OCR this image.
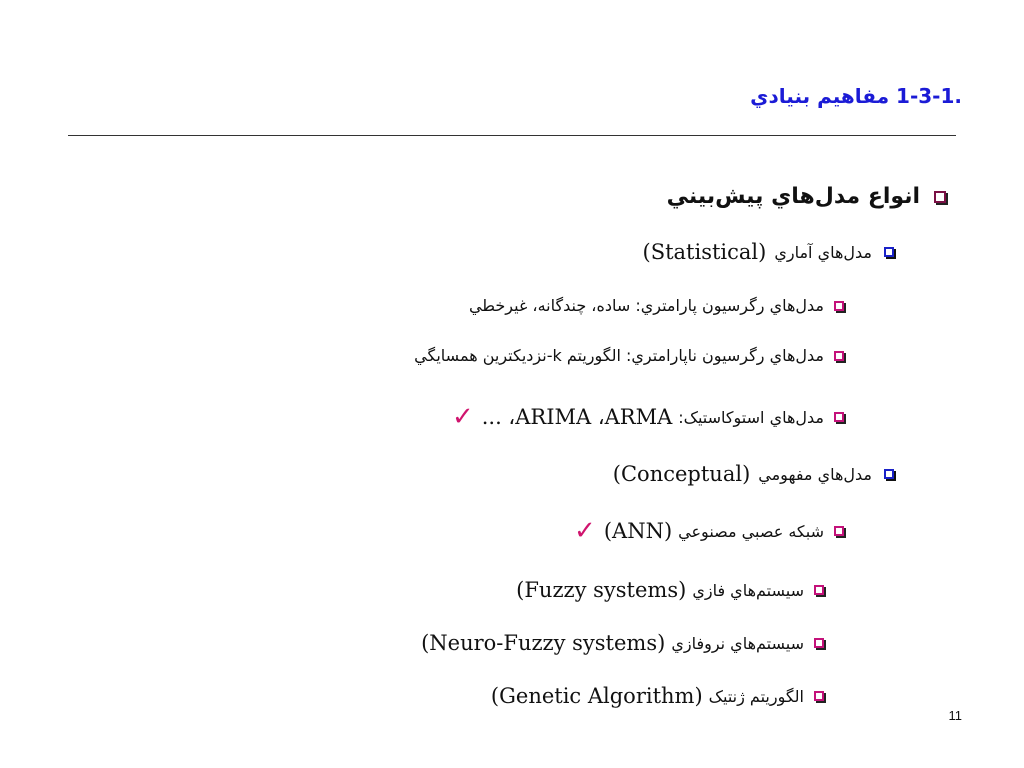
1-3-1. مفاهيم بنيادي
انواع مدل‌هاي پيش‌بيني
مدل‌هاي آماري
(Statistical)
مدل‌هاي رگرسيون پارامتري: ساده، چندگانه، غيرخطي
مدل‌هاي رگرسيون ناپارامتري: الگوريتم k-نزديکترين همسايگي
مدل‌هاي استوکاستيک:
ARIMA ،ARMA، ...
✓
مدل‌هاي مفهومي
(Conceptual)
شبکه عصبي مصنوعي
(ANN)
✓
سيستم‌هاي فازي
(Fuzzy systems)
سيستم‌هاي نروفازي
(Neuro-Fuzzy systems)
الگوريتم ژنتيک
(Genetic Algorithm)
11
